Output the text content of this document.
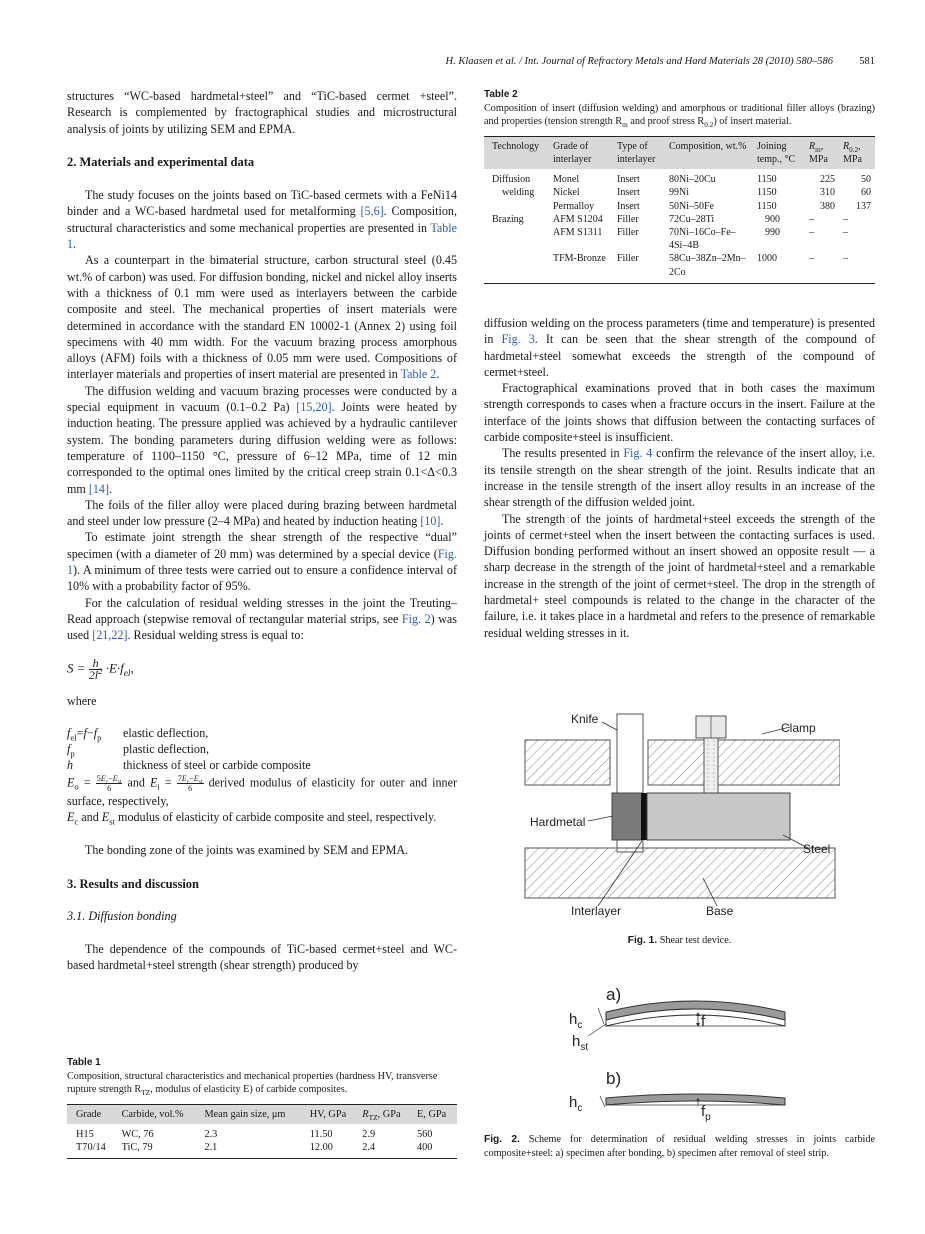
H. Klaasen et al. / Int. Journal of Refractory Metals and Hard Materials 28 (2010) 580–586	581

structures “WC-based hardmetal+steel” and “TiC-based cermet +steel”. Research is complemented by fractographical studies and microstructural analysis of joints by utilizing SEM and EPMA.

2. Materials and experimental data

The study focuses on the joints based on TiC-based cermets with a FeNi14 binder and a WC-based hardmetal used for metalforming [5,6]. Composition, structural characteristics and some mechanical properties are presented in Table 1.

As a counterpart in the bimaterial structure, carbon structural steel (0.45 wt.% of carbon) was used. For diffusion bonding, nickel and nickel alloy inserts with a thickness of 0.1 mm were used as interlayers between the carbide composite and steel. The mechanical properties of insert materials were determined in accordance with the standard EN 10002-1 (Annex 2) using foil specimens with 40 mm width. For the vacuum brazing process amorphous alloys (AFM) foils with a thickness of 0.05 mm were used. Compositions of interlayer materials and properties of insert material are presented in Table 2.

The diffusion welding and vacuum brazing processes were conducted by a special equipment in vacuum (0.1–0.2 Pa) [15,20]. Joints were heated by induction heating. The pressure applied was achieved by a hydraulic cantilever system. The bonding parameters during diffusion welding were as follows: temperature of 1100–1150 °C, pressure of 6–12 MPa, time of 12 min corresponded to the optimal ones limited by the critical creep strain 0.1<Δ<0.3 mm [14].

The foils of the filler alloy were placed during brazing between hardmetal and steel under low pressure (2–4 MPa) and heated by induction heating [10].

To estimate joint strength the shear strength of the respective “dual” specimen (with a diameter of 20 mm) was determined by a special device (Fig. 1). A minimum of three tests were carried out to ensure a confidence interval of 10% with a probability factor of 95%.

For the calculation of residual welding stresses in the joint the Treuting–Read approach (stepwise removal of rectangular material strips, see Fig. 2) was used [21,22]. Residual welding stress is equal to:

$S = \frac{h}{2l^2} \cdot E\cdot f_{el}$,

where

$f_{el}=f-f_p$	elastic deflection,
$f_p$	plastic deflection,
h	thickness of steel or carbide composite
$E_o = \frac{5E_c-E_{st}}{6}$ and $E_i = \frac{7E_c-E_{st}}{6}$ derived modulus of elasticity for outer and inner surface, respectively,
$E_c$ and $E_{st}$ modulus of elasticity of carbide composite and steel, respectively.

The bonding zone of the joints was examined by SEM and EPMA.

3. Results and discussion
3.1. Diffusion bonding

The dependence of the compounds of TiC-based cermet+steel and WC-based hardmetal+steel strength (shear strength) produced by

Table 1
Composition, structural characteristics and mechanical properties (hardness HV, transverse rupture strength $R_{TZ}$, modulus of elasticity E) of carbide composites.
Grade	Carbide, vol.%	Mean gain size, μm	HV, GPa	$R_{TZ}$, GPa	E, GPa
H15	WC, 76	2.3	11.50	2.9	560
T70/14	TiC, 79	2.1	12.00	2.4	400
Table 2
Composition of insert (diffusion welding) and amorphous or traditional filler alloys (brazing) and properties (tension strength $R_m$ and proof stress $R_{0.2}$) of insert material.
Technology	Grade of interlayer	Type of interlayer	Composition, wt.%	Joining temp., °C	$R_m$, MPa	$R_{0.2}$, MPa
Diffusion	Monel	Insert	80Ni–20Cu	1150	225	50
welding	Nickel	Insert	99Ni	1150	310	60
	Permalloy	Insert	50Ni–50Fe	1150	380	137
Brazing	AFM S1204	Filler	72Cu–28Ti	900	–	–
	AFM S1311	Filler	70Ni–16Co–Fe–4Si–4B	990	–	–
	TFM-Bronze	Filler	58Cu–38Zn–2Mn–2Co	1000	–	–

diffusion welding on the process parameters (time and temperature) is presented in Fig. 3. It can be seen that the shear strength of the compound of hardmetal+steel somewhat exceeds the strength of the compound of cermet+steel.

Fractographical examinations proved that in both cases the maximum strength corresponds to cases when a fracture occurs in the insert. Failure at the interface of the joints shows that diffusion between the contacting surfaces of carbide composite+steel is insufficient.

The results presented in Fig. 4 confirm the relevance of the insert alloy, i.e. its tensile strength on the shear strength of the joint. Results indicate that an increase in the tensile strength of the insert alloy results in an increase of the shear strength of the diffusion welded joint.

The strength of the joints of hardmetal+steel exceeds the strength of the joints of cermet+steel when the insert between the contacting surfaces is used. Diffusion bonding performed without an insert showed an opposite result — a sharp decrease in the strength of the joint of hardmetal+steel and a remarkable increase in the strength of the joint of cermet+steel. The drop in the strength of hardmetal+ steel compounds is related to the change in the character of the failure, i.e. it takes place in a hardmetal and refers to the presence of remarkable residual welding stresses in it.

Knife
Clamp
Hardmetal
Steel
Interlayer	Base
Fig. 1. Shear test device.
a)
$h_c$
$h_{st}$
f
b)
$h_c$	$f_p$
Fig. 2. Scheme for determination of residual welding stresses in joints carbide composite+steel: a) specimen after bonding, b) specimen after removal of steel strip.
